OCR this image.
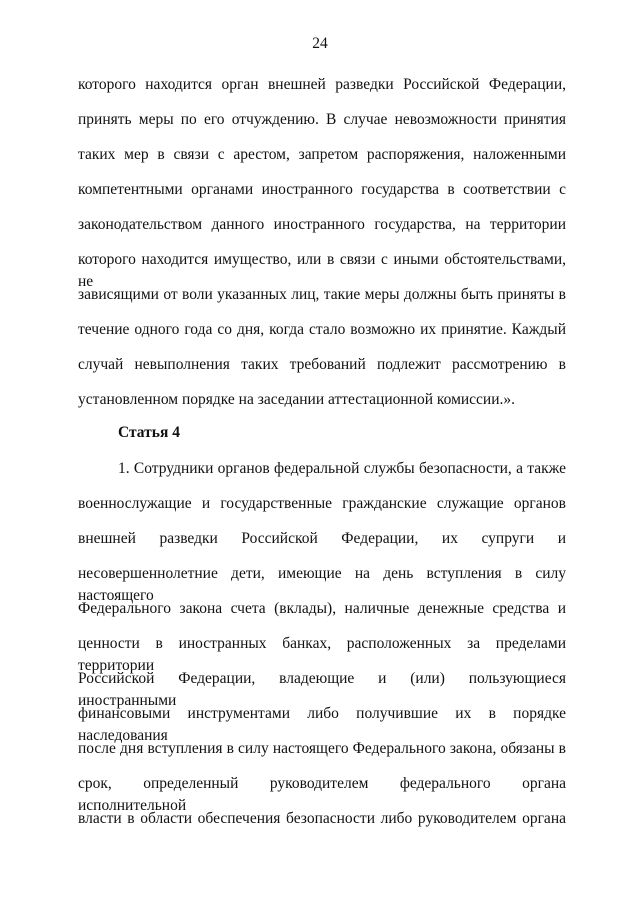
24
которого находится орган внешней разведки Российской Федерации,
принять меры по его отчуждению. В случае невозможности принятия
таких мер в связи с арестом, запретом распоряжения, наложенными
компетентными органами иностранного государства в соответствии с
законодательством данного иностранного государства, на территории
которого находится имущество, или в связи с иными обстоятельствами, не
зависящими от воли указанных лиц, такие меры должны быть приняты в
течение одного года со дня, когда стало возможно их принятие. Каждый
случай невыполнения таких требований подлежит рассмотрению в
установленном порядке на заседании аттестационной комиссии.».
Статья 4
1. Сотрудники органов федеральной службы безопасности, а также
военнослужащие и государственные гражданские служащие органов
внешней разведки Российской Федерации, их супруги и
несовершеннолетние дети, имеющие на день вступления в силу настоящего
Федерального закона счета (вклады), наличные денежные средства и
ценности в иностранных банках, расположенных за пределами территории
Российской Федерации, владеющие и (или) пользующиеся иностранными
финансовыми инструментами либо получившие их в порядке наследования
после дня вступления в силу настоящего Федерального закона, обязаны в
срок, определенный руководителем федерального органа исполнительной
власти в области обеспечения безопасности либо руководителем органа
